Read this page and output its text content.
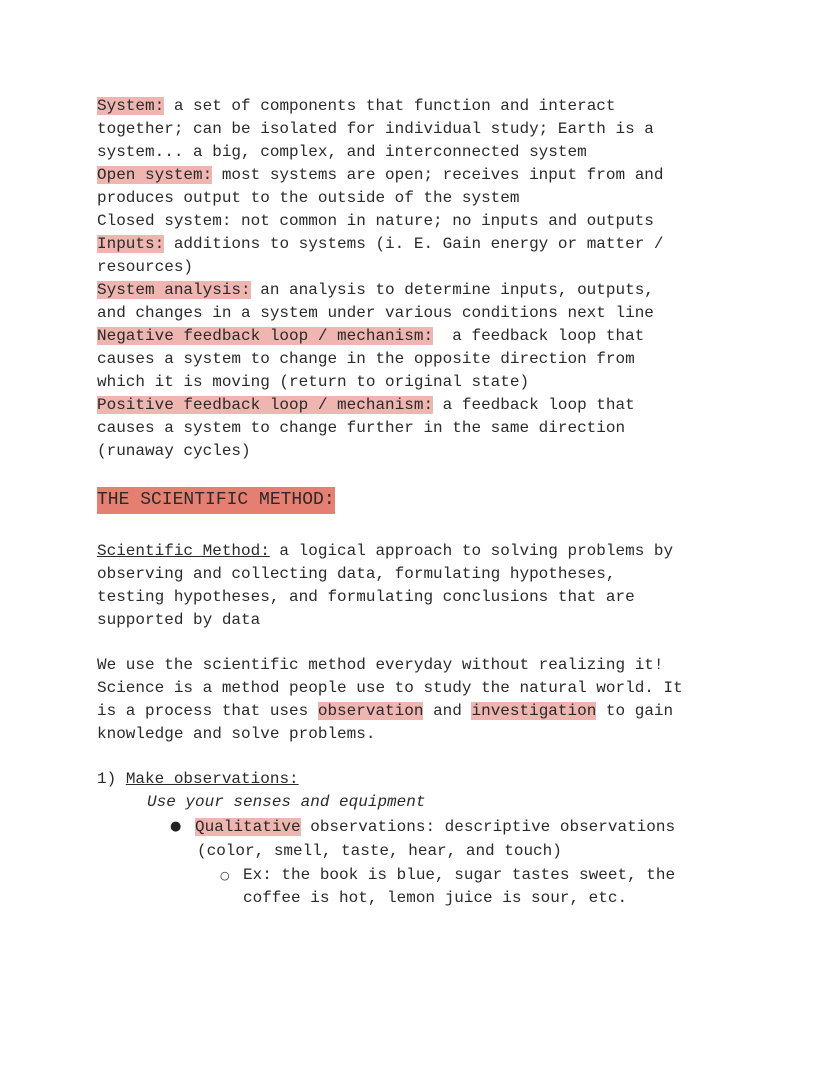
System: a set of components that function and interact
together; can be isolated for individual study; Earth is a
system... a big, complex, and interconnected system
Open system: most systems are open; receives input from and
produces output to the outside of the system
Closed system: not common in nature; no inputs and outputs
Inputs: additions to systems (i. E. Gain energy or matter /
resources)
System analysis: an analysis to determine inputs, outputs,
and changes in a system under various conditions next line
Negative feedback loop / mechanism:  a feedback loop that
causes a system to change in the opposite direction from
which it is moving (return to original state)
Positive feedback loop / mechanism: a feedback loop that
causes a system to change further in the same direction
(runaway cycles)
THE SCIENTIFIC METHOD:
Scientific Method: a logical approach to solving problems by
observing and collecting data, formulating hypotheses,
testing hypotheses, and formulating conclusions that are
supported by data
We use the scientific method everyday without realizing it!
Science is a method people use to study the natural world. It
is a process that uses observation and investigation to gain
knowledge and solve problems.
1) Make observations:
Use your senses and equipment
● Qualitative observations: descriptive observations
(color, smell, taste, hear, and touch)
○ Ex: the book is blue, sugar tastes sweet, the
coffee is hot, lemon juice is sour, etc.
